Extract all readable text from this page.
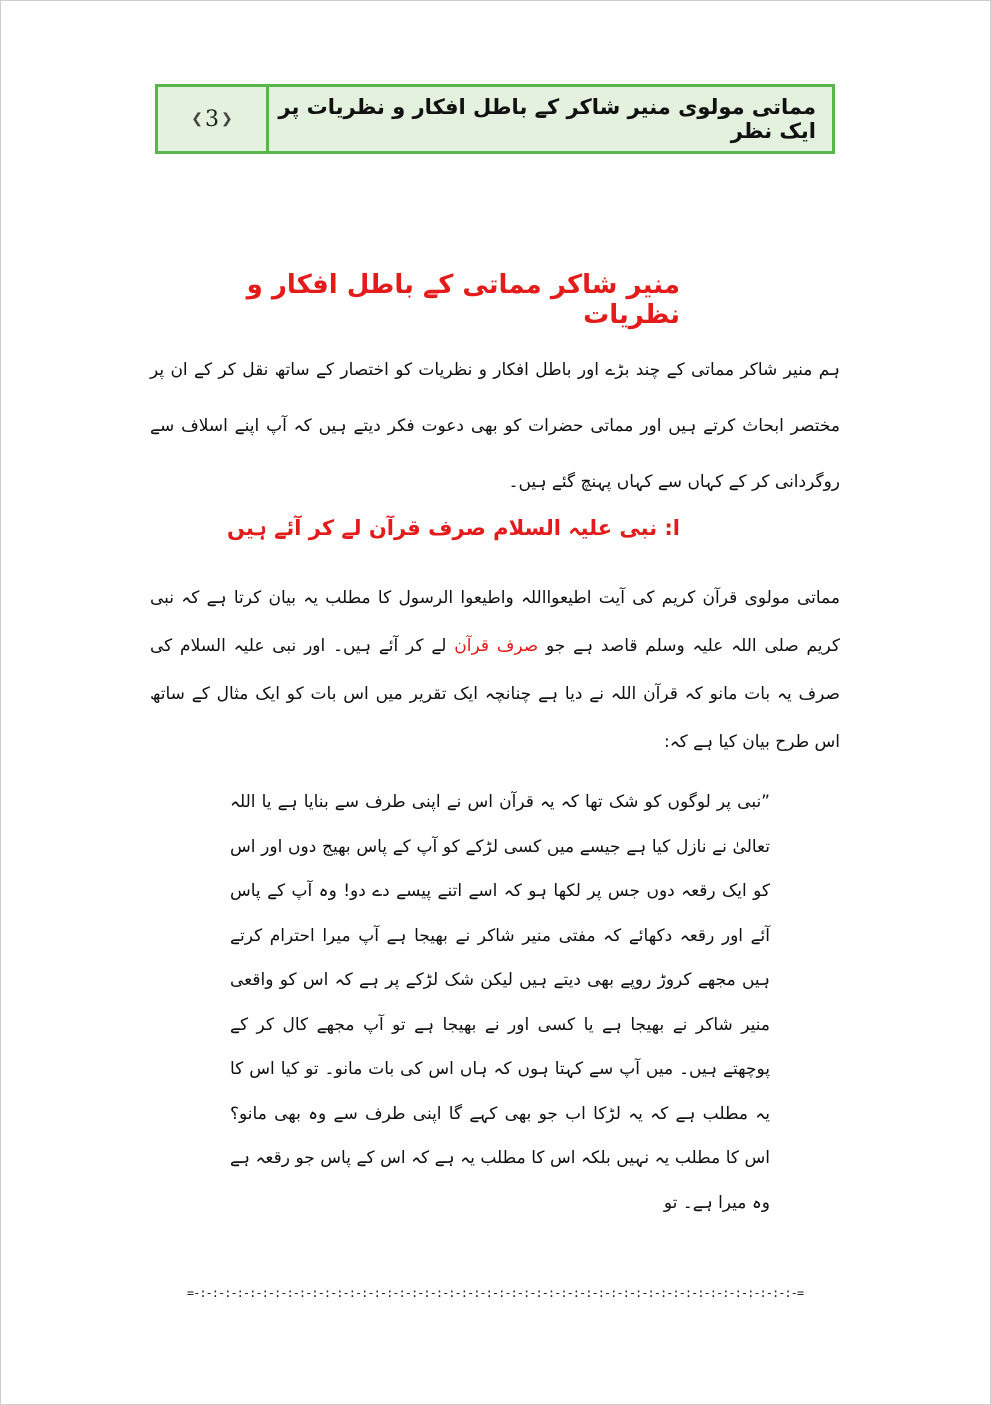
❮ 3 ❯	مماتی مولوی منیر شاکر کے باطل افکار و نظریات پر ایک نظر
منیر شاکر مماتی کے باطل افکار و نظریات

ہم منیر شاکر مماتی کے چند بڑے اور باطل افکار و نظریات کو اختصار کے ساتھ نقل کر کے ان پر مختصر ابحاث کرتے ہیں اور مماتی حضرات کو بھی دعوت فکر دیتے ہیں کہ آپ اپنے اسلاف سے روگردانی کر کے کہاں سے کہاں پہنچ گئے ہیں۔

ا: نبی علیہ السلام صرف قرآن لے کر آئے ہیں

مماتی مولوی قرآن کریم کی آیت اطیعوااللہ واطیعوا الرسول کا مطلب یہ بیان کرتا ہے کہ نبی کریم صلی اللہ علیہ وسلم قاصد ہے جو صرف قرآن لے کر آئے ہیں۔ اور نبی علیہ السلام کی صرف یہ بات مانو کہ قرآن اللہ نے دیا ہے چنانچہ ایک تقریر میں اس بات کو ایک مثال کے ساتھ اس طرح بیان کیا ہے کہ:

”نبی پر لوگوں کو شک تھا کہ یہ قرآن اس نے اپنی طرف سے بنایا ہے یا اللہ تعالیٰ نے نازل کیا ہے جیسے میں کسی لڑکے کو آپ کے پاس بھیج دوں اور اس کو ایک رقعہ دوں جس پر لکھا ہو کہ اسے اتنے پیسے دے دو! وہ آپ کے پاس آئے اور رقعہ دکھائے کہ مفتی منیر شاکر نے بھیجا ہے آپ میرا احترام کرتے ہیں مجھے کروڑ روپے بھی دیتے ہیں لیکن شک لڑکے پر ہے کہ اس کو واقعی منیر شاکر نے بھیجا ہے یا کسی اور نے بھیجا ہے تو آپ مجھے کال کر کے پوچھتے ہیں۔ میں آپ سے کہتا ہوں کہ ہاں اس کی بات مانو۔ تو کیا اس کا یہ مطلب ہے کہ یہ لڑکا اب جو بھی کہے گا اپنی طرف سے وہ بھی مانو؟ اس کا مطلب یہ نہیں بلکہ اس کا مطلب یہ ہے کہ اس کے پاس جو رقعہ ہے وہ میرا ہے۔ تو

=-:-:-:-:-:-:-:-:-:-:-:-:-:-:-:-:-:-:-:-:-:-:-:-:-:-:-:-:-:-:-:-:-:-:-:-:-:-:-:-:-:-:-:-:-:-:-:-:-=
